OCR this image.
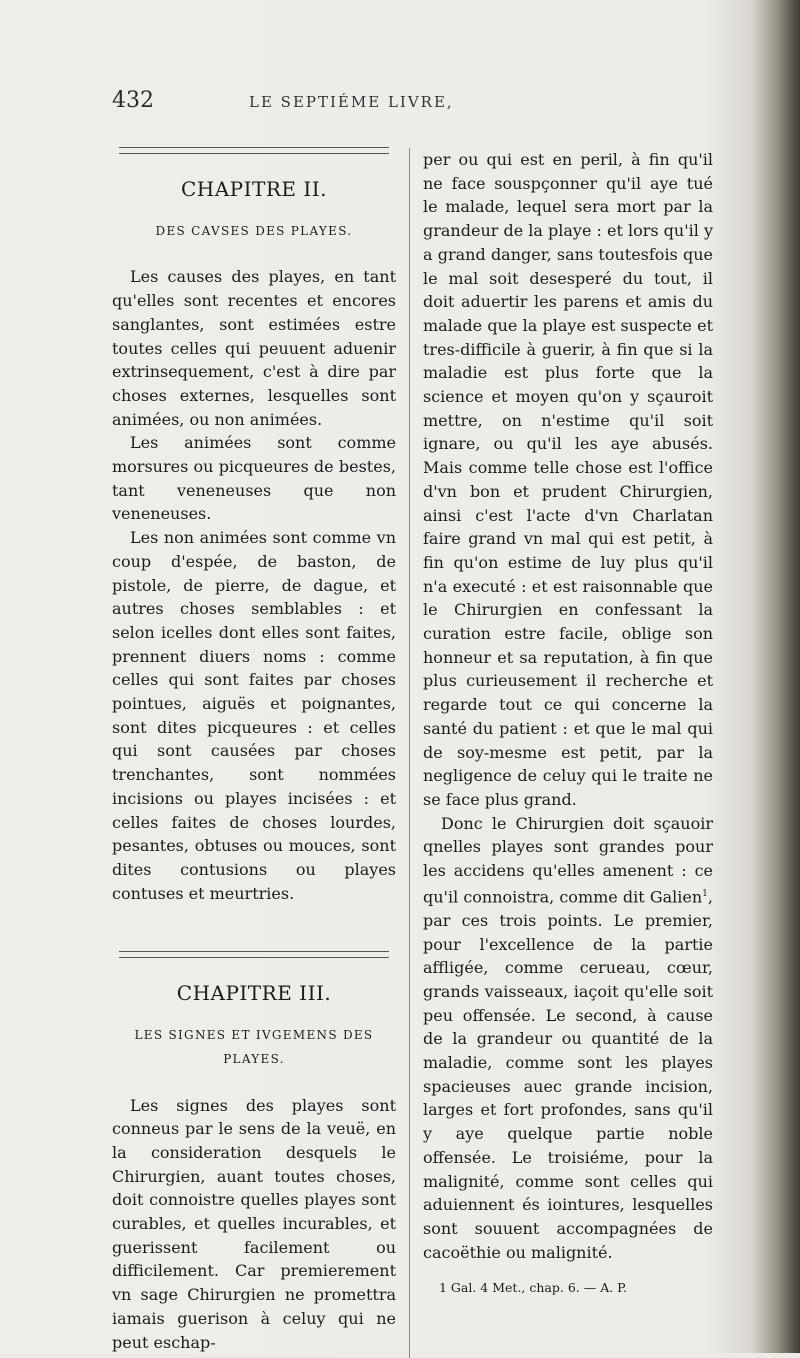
432	LE SEPTIÉME LIVRE,
CHAPITRE II.
DES CAVSES DES PLAYES.

Les causes des playes, en tant qu'elles sont recentes et encores sanglantes, sont estimées estre toutes celles qui peuuent aduenir extrinsequement, c'est à dire par choses externes, lesquelles sont animées, ou non animées.

Les animées sont comme morsures ou picqueures de bestes, tant veneneuses que non veneneuses.

Les non animées sont comme vn coup d'espée, de baston, de pistole, de pierre, de dague, et autres choses semblables : et selon icelles dont elles sont faites, prennent diuers noms : comme celles qui sont faites par choses pointues, aiguës et poignantes, sont dites picqueures : et celles qui sont causées par choses trenchantes, sont nommées incisions ou playes incisées : et celles faites de choses lourdes, pesantes, obtuses ou mouces, sont dites contusions ou playes contuses et meurtries.

CHAPITRE III.
LES SIGNES ET IVGEMENS DES PLAYES.

Les signes des playes sont conneus par le sens de la veuë, en la consideration desquels le Chirurgien, auant toutes choses, doit connoistre quelles playes sont curables, et quelles incurables, et guerissent facilement ou difficilement. Car premierement vn sage Chirurgien ne promettra iamais guerison à celuy qui ne peut eschap-

per ou qui est en peril, à fin qu'il ne face souspçonner qu'il aye tué le malade, lequel sera mort par la grandeur de la playe : et lors qu'il y a grand danger, sans toutesfois que le mal soit desesperé du tout, il doit aduertir les parens et amis du malade que la playe est suspecte et tres-difficile à guerir, à fin que si la maladie est plus forte que la science et moyen qu'on y sçauroit mettre, on n'estime qu'il soit ignare, ou qu'il les aye abusés. Mais comme telle chose est l'office d'vn bon et prudent Chirurgien, ainsi c'est l'acte d'vn Charlatan faire grand vn mal qui est petit, à fin qu'on estime de luy plus qu'il n'a executé : et est raisonnable que le Chirurgien en confessant la curation estre facile, oblige son honneur et sa reputation, à fin que plus curieusement il recherche et regarde tout ce qui concerne la santé du patient : et que le mal qui de soy-mesme est petit, par la negligence de celuy qui le traite ne se face plus grand.

Donc le Chirurgien doit sçauoir qnelles playes sont grandes pour les accidens qu'elles amenent : ce qu'il connoistra, comme dit Galien$^1$, par ces trois points. Le premier, pour l'excellence de la partie affligée, comme cerueau, cœur, grands vaisseaux, iaçoit qu'elle soit peu offensée. Le second, à cause de la grandeur ou quantité de la maladie, comme sont les playes spacieuses auec grande incision, larges et fort profondes, sans qu'il y aye quelque partie noble offensée. Le troisiéme, pour la malignité, comme sont celles qui aduiennent és iointures, lesquelles sont souuent accompagnées de cacoëthie ou malignité.

1 Gal. 4 Met., chap. 6. — A. P.
